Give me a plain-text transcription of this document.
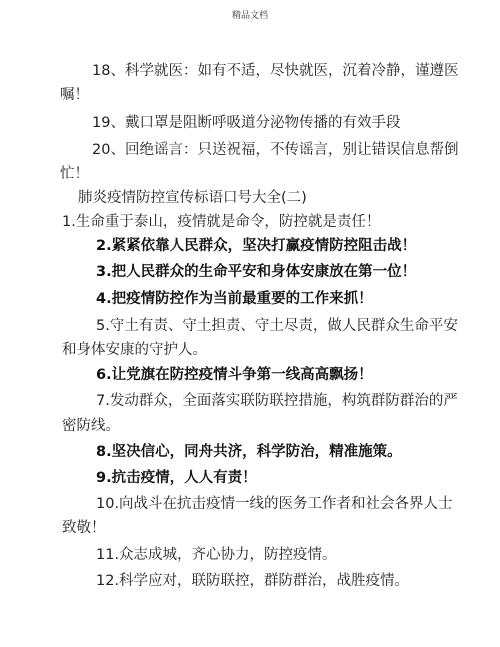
精品文档
18、科学就医：如有不适，尽快就医，沉着冷静，谨遵医
嘱！
19、戴口罩是阻断呼吸道分泌物传播的有效手段
20、回绝谣言：只送祝福，不传谣言，别让错误信息帮倒
忙！
肺炎疫情防控宣传标语口号大全(二)
1.生命重于泰山，疫情就是命令，防控就是责任！
2.紧紧依靠人民群众，坚决打赢疫情防控阻击战！
3.把人民群众的生命平安和身体安康放在第一位！
4.把疫情防控作为当前最重要的工作来抓！
5.守土有责、守土担责、守土尽责，做人民群众生命平安
和身体安康的守护人。
6.让党旗在防控疫情斗争第一线高高飘扬！
7.发动群众，全面落实联防联控措施，构筑群防群治的严
密防线。
8.坚决信心，同舟共济，科学防治，精准施策。
9.抗击疫情，人人有责！
10.向战斗在抗击疫情一线的医务工作者和社会各界人士
致敬！
11.众志成城，齐心协力，防控疫情。
12.科学应对，联防联控，群防群治，战胜疫情。
